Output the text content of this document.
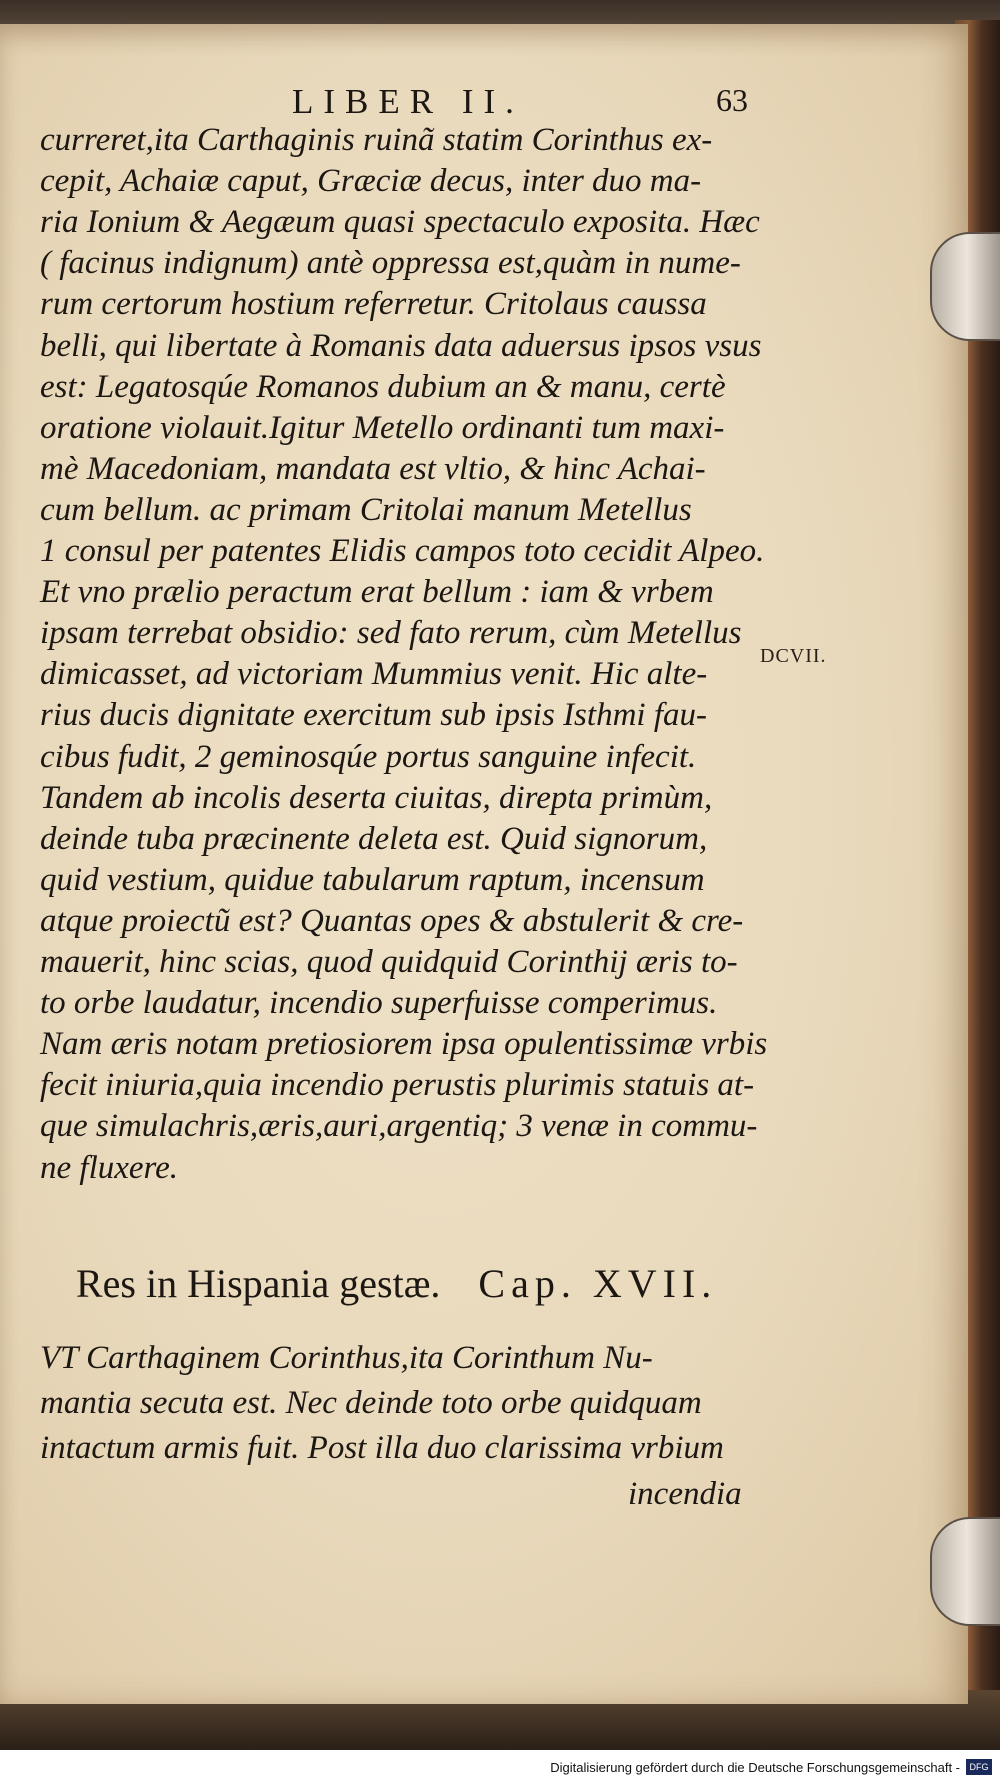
LIBER II.	63
curreret,ita Carthaginis ruinã statim Corinthus ex-
cepit, Achaiæ caput, Græciæ decus, inter duo ma-
ria Ionium & Aegæum quasi spectaculo exposita. Hæc
( facinus indignum) antè oppressa est,quàm in nume-
rum certorum hostium referretur. Critolaus caussa
belli, qui libertate à Romanis data aduersus ipsos vsus
est: Legatosqúe Romanos dubium an & manu, certè
oratione violauit.Igitur Metello ordinanti tum maxi-
mè Macedoniam, mandata est vltio, & hinc Achai-
cum bellum. ac primam Critolai manum Metellus
1 consul per patentes Elidis campos toto cecidit Alpeo.
Et vno prælio peractum erat bellum : iam & vrbem
ipsam terrebat obsidio: sed fato rerum, cùm Metellus
dimicasset, ad victoriam Mummius venit. Hic alte-
rius ducis dignitate exercitum sub ipsis Isthmi fau-
cibus fudit, 2 geminosqúe portus sanguine infecit.
Tandem ab incolis deserta ciuitas, direpta primùm,
deinde tuba præcinente deleta est. Quid signorum,
quid vestium, quidue tabularum raptum, incensum
atque proiectũ est? Quantas opes & abstulerit & cre-
mauerit, hinc scias, quod quidquid Corinthij æris to-
to orbe laudatur, incendio superfuisse comperimus.
Nam æris notam pretiosiorem ipsa opulentissimæ vrbis
fecit iniuria,quia incendio perustis plurimis statuis at-
que simulachris,æris,auri,argentiq; 3 venæ in commu-
ne fluxere.
DCVII.
Res in Hispania gestæ. Cap. XVII.
VT Carthaginem Corinthus,ita Corinthum Nu-
mantia secuta est. Nec deinde toto orbe quidquam
intactum armis fuit. Post illa duo clarissima vrbium
incendia
Digitalisierung gefördert durch die Deutsche Forschungsgemeinschaft -	DFG
